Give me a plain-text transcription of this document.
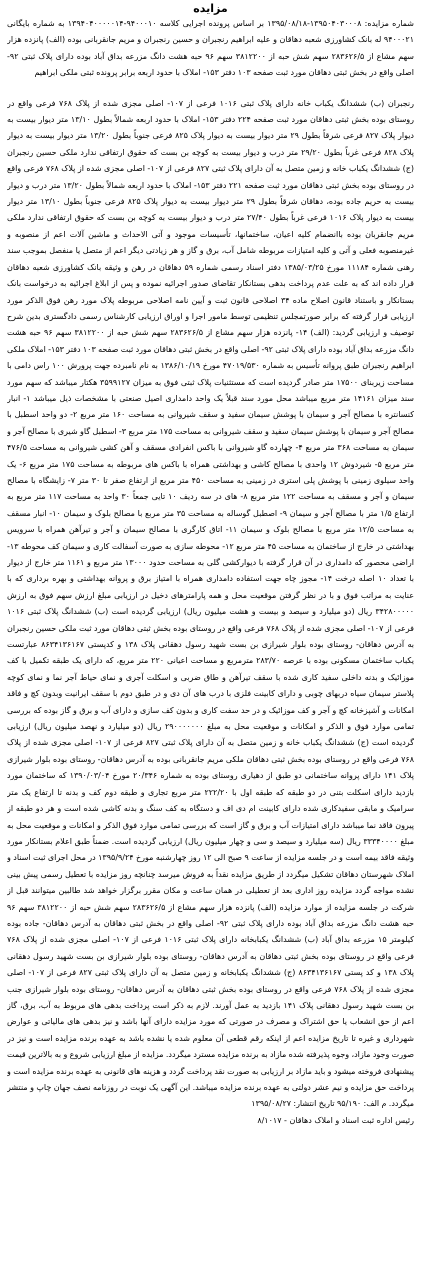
مزایده

شماره مزایده: ۱۳۹۵۰۴۰۳۰۰۰۸-۱۳۹۵/۰۸/۱۸ بر اساس پرونده اجرایی کلاسه ۹۴۰۰۰۱۰-۱۳۹۴۰۴۰۰۰۰۰۱۴ به شماره بایگانی ۹۴۰۰۰۲۱ له بانک کشاورزی شعبه دهاقان و علیه ابراهیم رنجبران و حسین رنجبران و مریم جانقربانی بوده (الف) پانزده هزار سهم مشاع از ۲۸۳۶۲۶/۵ سهم شش حبه از ۳۸۱۲۲۰۰ سهم ۹۶ حبه هشت دانگ مزرعه بداق آباد بوده دارای پلاک ثبتی ۹۲- اصلی واقع در بخش ثبتی دهاقان مورد ثبت صفحه ۱۰۳ دفتر ۱۵۳- املاک با حدود اربعه برابر پرونده ثبتی ملکی ابراهیم

رنجبران (ب) ششدانگ یکباب خانه دارای پلاک ثبتی ۱۰۱۶ فرعی از ۱۰۷- اصلی مجزی شده از پلاک ۷۶۸ فرعی واقع در روستای بوده بخش ثبتی دهاقان مورد ثبت صفحه ۲۲۴ دفتر ۱۵۳- املاک با حدود اربعه شمالاً بطول ۱۳/۱۰ متر دیوار بیست به دیوار پلاک ۸۲۷ فرعی شرقاً بطول ۲۹ متر دیوار بیست به دیوار پلاک ۸۲۵ فرعی جنوباً بطول ۱۳/۲۰ متر دیوار بیست به دیوار پلاک ۸۲۸ فرعی غرباً بطول ۲۹/۲۰ متر درب و دیوار بیست به کوچه بن بست که حقوق ارتفاقی ندارد ملکی حسین رنجبران (ج) ششدانگ یکباب خانه و زمین متصل به آن دارای پلاک ثبتی ۸۲۷ فرعی از ۱۰۷- اصلی مجزی شده از پلاک ۷۶۸ فرعی واقع در روستای بوده بخش ثبتی دهاقان مورد ثبت صفحه ۲۲۱ دفتر ۱۵۳- املاک با حدود اربعه شمالاً بطول ۱۳/۲۰ متر درب و دیوار بیست به حریم جاده بوده، دهاقان شرقاً بطول ۲۹ متر دیوار بیست به دیوار پلاک ۸۲۵ فرعی جنوباً بطول ۱۳/۱۰ متر دیوار بیست به دیوار پلاک ۱۰۱۶ فرعی غرباً بطول ۲۷/۴۰ متر درب و دیوار بیست به کوچه بن بست که حقوق ارتفاقی ندارد ملکی مریم جانقربان بوده باانضمام کلیه اعیان، ساختمانها، تأسیسات موجود و آتی الاحداث و ماشین آلات اعم از منصوبه و غیرمنصوبه فعلی و آتی و کلیه امتیازات مربوطه شامل آب، برق و گاز و هر زیادتی دیگر اعم از متصل یا منفصل بموجب سند رهنی شماره ۱۱۱۸۴ مورخ ۱۳۸۵/۰۳/۲۵ دفتر اسناد رسمی شماره ۵۹ دهاقان در رهن و وثیقه بانک کشاورزی شعبه دهاقان قرار داده اند که به علت عدم پرداخت بدهی بستانکار تقاضای صدور اجرائیه نموده و پس از ابلاغ اجرائیه به درخواست بانک بستانکار و باستناد قانون اصلاح ماده ۳۴ اصلاحی قانون ثبت و آیین نامه اصلاحی مربوطه پلاک مورد رهن فوق الذکر مورد ارزیابی قرار گرفته که برابر صورتمجلس تنظیمی توسط مامور اجرا و اوراق ارزیابی کارشناس رسمی دادگستری بدین شرح توصیف و ارزیابی گردید: (الف) ۱۴- پانزده هزار سهم مشاع از ۲۸۳۶۲۶/۵ سهم شش حبه از ۳۸۱۲۲۰۰ سهم ۹۶ حبه هشت دانگ مزرعه بداق آباد بوده دارای پلاک ثبتی ۹۲- اصلی واقع در بخش ثبتی دهاقان مورد ثبت صفحه ۱۰۳ دفتر ۱۵۳- املاک ملکی ابراهیم رنجبران طبق پروانه تأسیس به شماره ۴۷۰۱۹/۵۳۰ مورخ ۱۳۸۶/۱۰/۱۹ به نام نامبرده جهت پرورش ۱۰۰ راس دامی با مساحت زیربنای ۱۷۵۰۰ متر صادر گردیده است که مستثنیات پلاک ثبتی فوق به میزان ۳۵۹۹۱۲۷ هکتار میباشد که سهم مورد سند میزان ۱۴۱۶۱ متر مربع میباشد محل مورد سند قبلاً یک واحد دامداری اصیل صنعتی با مشخصات ذیل میباشد ۱- انبار کنسانتره با مصالح آجر و سیمان با پوشش سیمان سفید و سقف شیروانی به مساحت ۱۶۰ متر مربع ۲- دو واحد اسطبل با مصالح آجر و سیمان با پوشش سیمان سفید و سقف شیروانی به مساحت ۱۷۵ متر مربع ۳- اسطبل گاو شیری با مصالح آجر و سیمان به مساحت ۳۶۸ متر مربع ۴- چهارده گاو شیروانی با باکس انفرادی مسقف و آهن کشی شیروانی به مساحت ۴۷۶/۵ متر مربع ۵- شیردوش ۱۲ واحدی با مصالح کاشی و بهداشتی همراه با باکس های مربوطه به مساحت ۱۷۵ متر مربع ۶- یک واحد سیلوی زمینی با پوشش پلی استری در زمینی به مساحت ۴۵۰ متر مربع از ارتفاع صفر تا ۳۰ متر ۷- زایشگاه با مصالح سیمان و آجر و مسقف به مساحت ۱۲۲ متر مربع ۸- های در سه ردیف ۱۰ تایی جمعاً ۳۰ واحد به مساحت ۱۱۷ متر مربع به ارتفاع ۱/۵ متر با مصالح آجر و سیمان ۹- اصطبل گوساله به مساحت ۳۵ متر مربع با مصالح بلوک و سیمان ۱۰- انبار مسقف به مساحت ۱۲/۵ متر مربع با مصالح بلوک و سیمان ۱۱- اتاق کارگری با مصالح سیمان و آجر و تیرآهن همراه با سرویس بهداشتی در خارج از ساختمان به مساحت ۴۵ متر مربع ۱۲- محوطه سازی به صورت آسفالت کاری و سیمان کف محوطه ۱۳- اراضی محصور که دامداری در آن قرار گرفته با دیوارکشی گلی به مساحت حدود ۱۳۰۰۰ متر مربع و ۱۱۶۱ متر خارج از دیوار با تعداد ۱۰ اصله درخت ۱۴- مجوز چاه جهت استفاده دامداری همراه با امتیاز برق و پروانه بهداشتی و بهره برداری که با عنایت به مراتب فوق و با در نظر گرفتن موقعیت محل و همه پارامترهای دخیل در ارزیابی مبلغ ارزش سهم فوق به ارزش ۳۴۲۸۰۰۰۰۰ ریال (دو میلیارد و سیصد و بیست و هشت میلیون ریال) ارزیابی گردیده است (ب) ششدانگ پلاک ثبتی ۱۰۱۶ فرعی از ۱۰۷- اصلی مجزی شده از پلاک ۷۶۸ فرعی واقع در روستای بوده بخش ثبتی دهاقان مورد ثبت ملکی حسین رنجبران به آدرس دهاقان- روستای بوده بلوار شیرازی بن بست شهید رسول دهقانی پلاک ۱۳۸ و کدپستی ۸۶۳۴۱۳۶۱۶۷ عبارتست یکباب ساختمان مسکونی بوده با عرصه ۲۸۳/۷۰ مترمربع و مساحت اعیانی ۲۲۰ متر مربع، که دارای یک طبقه تکمیل با کف موزائیک و بدنه داخلی سفید کاری شده با سقف تیرآهن و طاق ضربی و اسکلت آجری و نمای حیاط آجر نما و نمای کوچه پلاستر سیمان سیاه دربهای چوبی و دارای کابینت فلزی با درب های آن دی و در طبق دوم با سقف ایرانیت وبدون کچ و فاقد امکانات و آشپزخانه کچ و آجر و کف موزائیک و در حد سفت کاری و بدون کف سازی و دارای آب و برق و گاز بوده که بررسی تمامی موارد فوق و الذکر و امکانات و موقعیت محل به مبلغ ۲۹۰۰۰۰۰۰۰ ریال (دو میلیارد و نهصد میلیون ریال) ارزیابی گردیده است (ج) ششدانگ یکباب خانه و زمین متصل به آن دارای پلاک ثبتی ۸۲۷ فرعی از ۱۰۷- اصلی مجزی شده از پلاک ۷۶۸ فرعی واقع در روستای بوده بخش ثبتی دهاقان ملکی مریم جانقربانی بوده به آدرس دهاقان- روستای بوده بلوار شیرازی پلاک ۱۴۱ دارای پروانه ساختمانی دو طبق از دهیاری روستای بوده به شماره ۲۰/۳۴۶ مورخ ۱۳۹۰/۰۳/۰۴ که ساختمان مورد بازدید دارای اسکلت بتنی در دو طبقه که طبقه اول با ۲۲۲/۲۰ متر مربع تجاری و طبقه دوم کف و بدنه تا ارتفاع یک متر سرامیک و مابقی سفیدکاری شده دارای کابینت ام دی اف و دستگاه به کف سنگ و بدنه کاشی شده است و هر دو طبقه از پیرون فاقد نما میباشد دارای امتیازات آب و برق و گاز است که بررسی تمامی موارد فوق الذکر و امکانات و موقعیت محل به مبلغ ۳۳۳۴۰۰۰۰ ریال (سه میلیارد و سیصد و سی و چهار میلیون ریال) ارزیابی گردیده است. ضمناً طبق اعلام بستانکار مورد وثیقه فاقد بیمه است و در جلسه مزایده از ساعت ۹ صبح الی ۱۲ روز چهارشنبه مورخ ۱۳۹۵/۹/۲۴ در محل اجرای ثبت اسناد و املاک شهرستان دهاقان تشکیل میگردد از طریق مزایده نقداً به فروش میرسد چنانچه روز مزایده با تعطیل رسمی پیش بینی نشده مواجه گردد مزایده روز اداری بعد از تعطیلی در همان ساعت و مکان مقرر برگزار خواهد شد طالبین میتوانند قبل از شرکت در جلسه مزایده از موارد مزایده (الف) پانزده هزار سهم مشاع از ۲۸۳۶۲۶/۵ سهم شش حبه از ۳۸۱۲۲۰۰ سهم ۹۶ حبه هشت دانگ مزرعه بداق آباد بوده دارای پلاک ثبتی ۹۲- اصلی واقع در بخش ثبتی دهاقان به آدرس دهاقان- جاده بوده کیلومتر ۱۵ مزرعه بداق آباد (ب) ششدانگ یکبابخانه دارای پلاک ثبتی ۱۰۱۶ فرعی از ۱۰۷- اصلی مجزی شده از پلاک ۷۶۸ فرعی واقع در روستای بوده بخش ثبتی دهاقان به آدرس دهاقان- روستای بوده بلوار شیرازی بن بست شهید رسول دهقانی پلاک ۱۳۸ و کد پستی ۸۶۳۴۱۳۶۱۶۷ (ج) ششدانگ یکبابخانه و زمین متصل به آن دارای پلاک ثبتی ۸۲۷ فرعی از ۱۰۷- اصلی مجزی شده از پلاک ۷۶۸ فرعی واقع در روستای بوده بخش ثبتی دهاقان به آدرس دهاقان- روستای بوده بلوار شیرازی جنب بن بست شهید رسول دهقانی پلاک ۱۴۱ بازدید به عمل آورند. لازم به ذکر است پرداخت بدهی های مربوط به آب، برق، گاز اعم از حق انشعاب یا حق اشتراک و مصرف در صورتی که مورد مزایده دارای آنها باشد و نیز بدهی های مالیاتی و عوارض شهرداری و غیره تا تاریخ مزایده اعم از اینکه رقم قطعی آن معلوم شده یا نشده باشد به عهده برنده مزایده است و نیز در صورت وجود مازاد، وجوه پذیرفته شده مازاد به برنده مزایده مسترد میگردد. مزایده از مبلغ ارزیابی شروع و به بالاترین قیمت پیشنهادی فروخته میشود و باید مازاد بر ارزیابی به صورت نقد پرداخت گردد و هزینه های قانونی به عهده برنده مزایده است و پرداخت حق مزایده و نیم عشر دولتی به عهده برنده مزایده میباشد. این آگهی یک نوبت در روزنامه نصف جهان چاپ و منتشر میگردد. م الف: ۹۵/۱۹۰ تاریخ انتشار: ۱۳۹۵/۰۸/۲۷

رئیس اداره ثبت اسناد و املاک دهاقان - ۸/۱۰۱۷
